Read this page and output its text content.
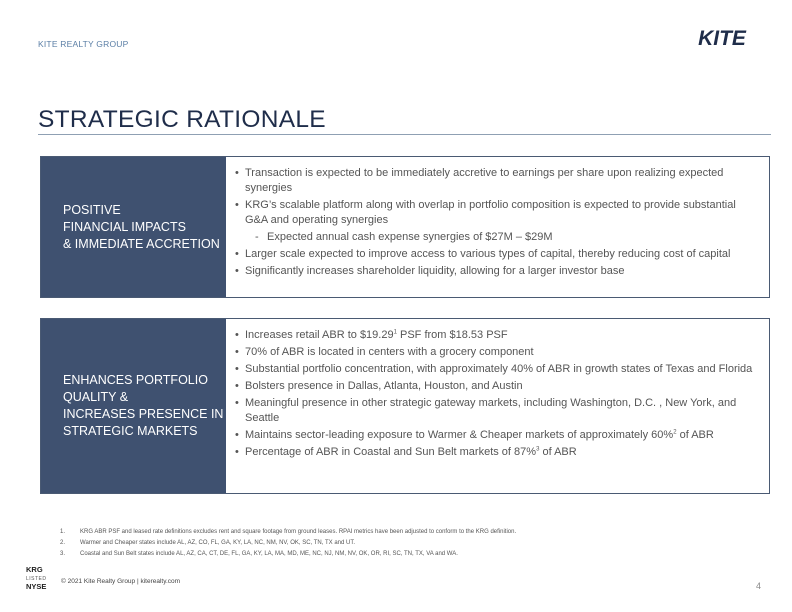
KITE REALTY GROUP	KITE
STRATEGIC RATIONALE
POSITIVE
FINANCIAL IMPACTS
& IMMEDIATE ACCRETION
• Transaction is expected to be immediately accretive to earnings per share upon realizing expected synergies
• KRG’s scalable platform along with overlap in portfolio composition is expected to provide substantial G&A and operating synergies
- Expected annual cash expense synergies of $27M – $29M
• Larger scale expected to improve access to various types of capital, thereby reducing cost of capital
• Significantly increases shareholder liquidity, allowing for a larger investor base
ENHANCES PORTFOLIO
QUALITY &
INCREASES PRESENCE IN
STRATEGIC MARKETS
• Increases retail ABR to $19.29$^1$ PSF from $18.53 PSF
• 70% of ABR is located in centers with a grocery component
• Substantial portfolio concentration, with approximately 40% of ABR in growth states of Texas and Florida
• Bolsters presence in Dallas, Atlanta, Houston, and Austin
• Meaningful presence in other strategic gateway markets, including Washington, D.C. , New York, and Seattle
• Maintains sector-leading exposure to Warmer & Cheaper markets of approximately 60%$^2$ of ABR
• Percentage of ABR in Coastal and Sun Belt markets of 87%$^3$ of ABR
1. KRG ABR PSF and leased rate definitions excludes rent and square footage from ground leases. RPAI metrics have been adjusted to conform to the KRG definition.
2. Warmer and Cheaper states include AL, AZ, CO, FL, GA, KY, LA, NC, NM, NV, OK, SC, TN, TX and UT.
3. Coastal and Sun Belt states include AL, AZ, CA, CT, DE, FL, GA, KY, LA, MA, MD, ME, NC, NJ, NM, NV, OK, OR, RI, SC, TN, TX, VA and WA.
KRG
LISTED
NYSE
© 2021 Kite Realty Group | kiterealty.com	4
